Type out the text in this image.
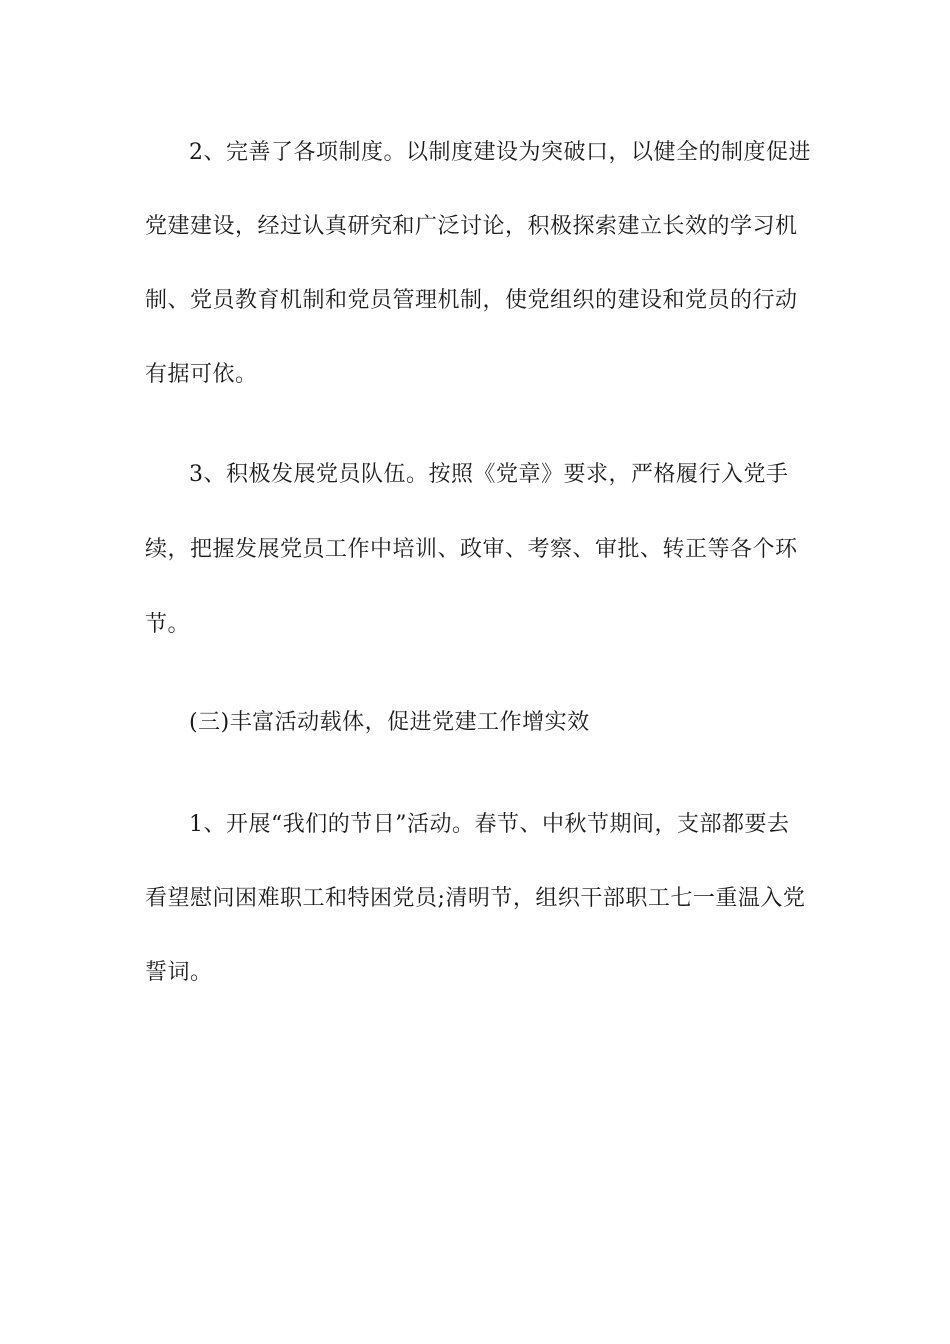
2、完善了各项制度。以制度建设为突破口，以健全的制度促进
党建建设，经过认真研究和广泛讨论，积极探索建立长效的学习机
制、党员教育机制和党员管理机制，使党组织的建设和党员的行动
有据可依。
3、积极发展党员队伍。按照《党章》要求，严格履行入党手
续，把握发展党员工作中培训、政审、考察、审批、转正等各个环
节。
(三)丰富活动载体，促进党建工作增实效
1、开展“我们的节日”活动。春节、中秋节期间，支部都要去
看望慰问困难职工和特困党员;清明节，组织干部职工七一重温入党
誓词。
